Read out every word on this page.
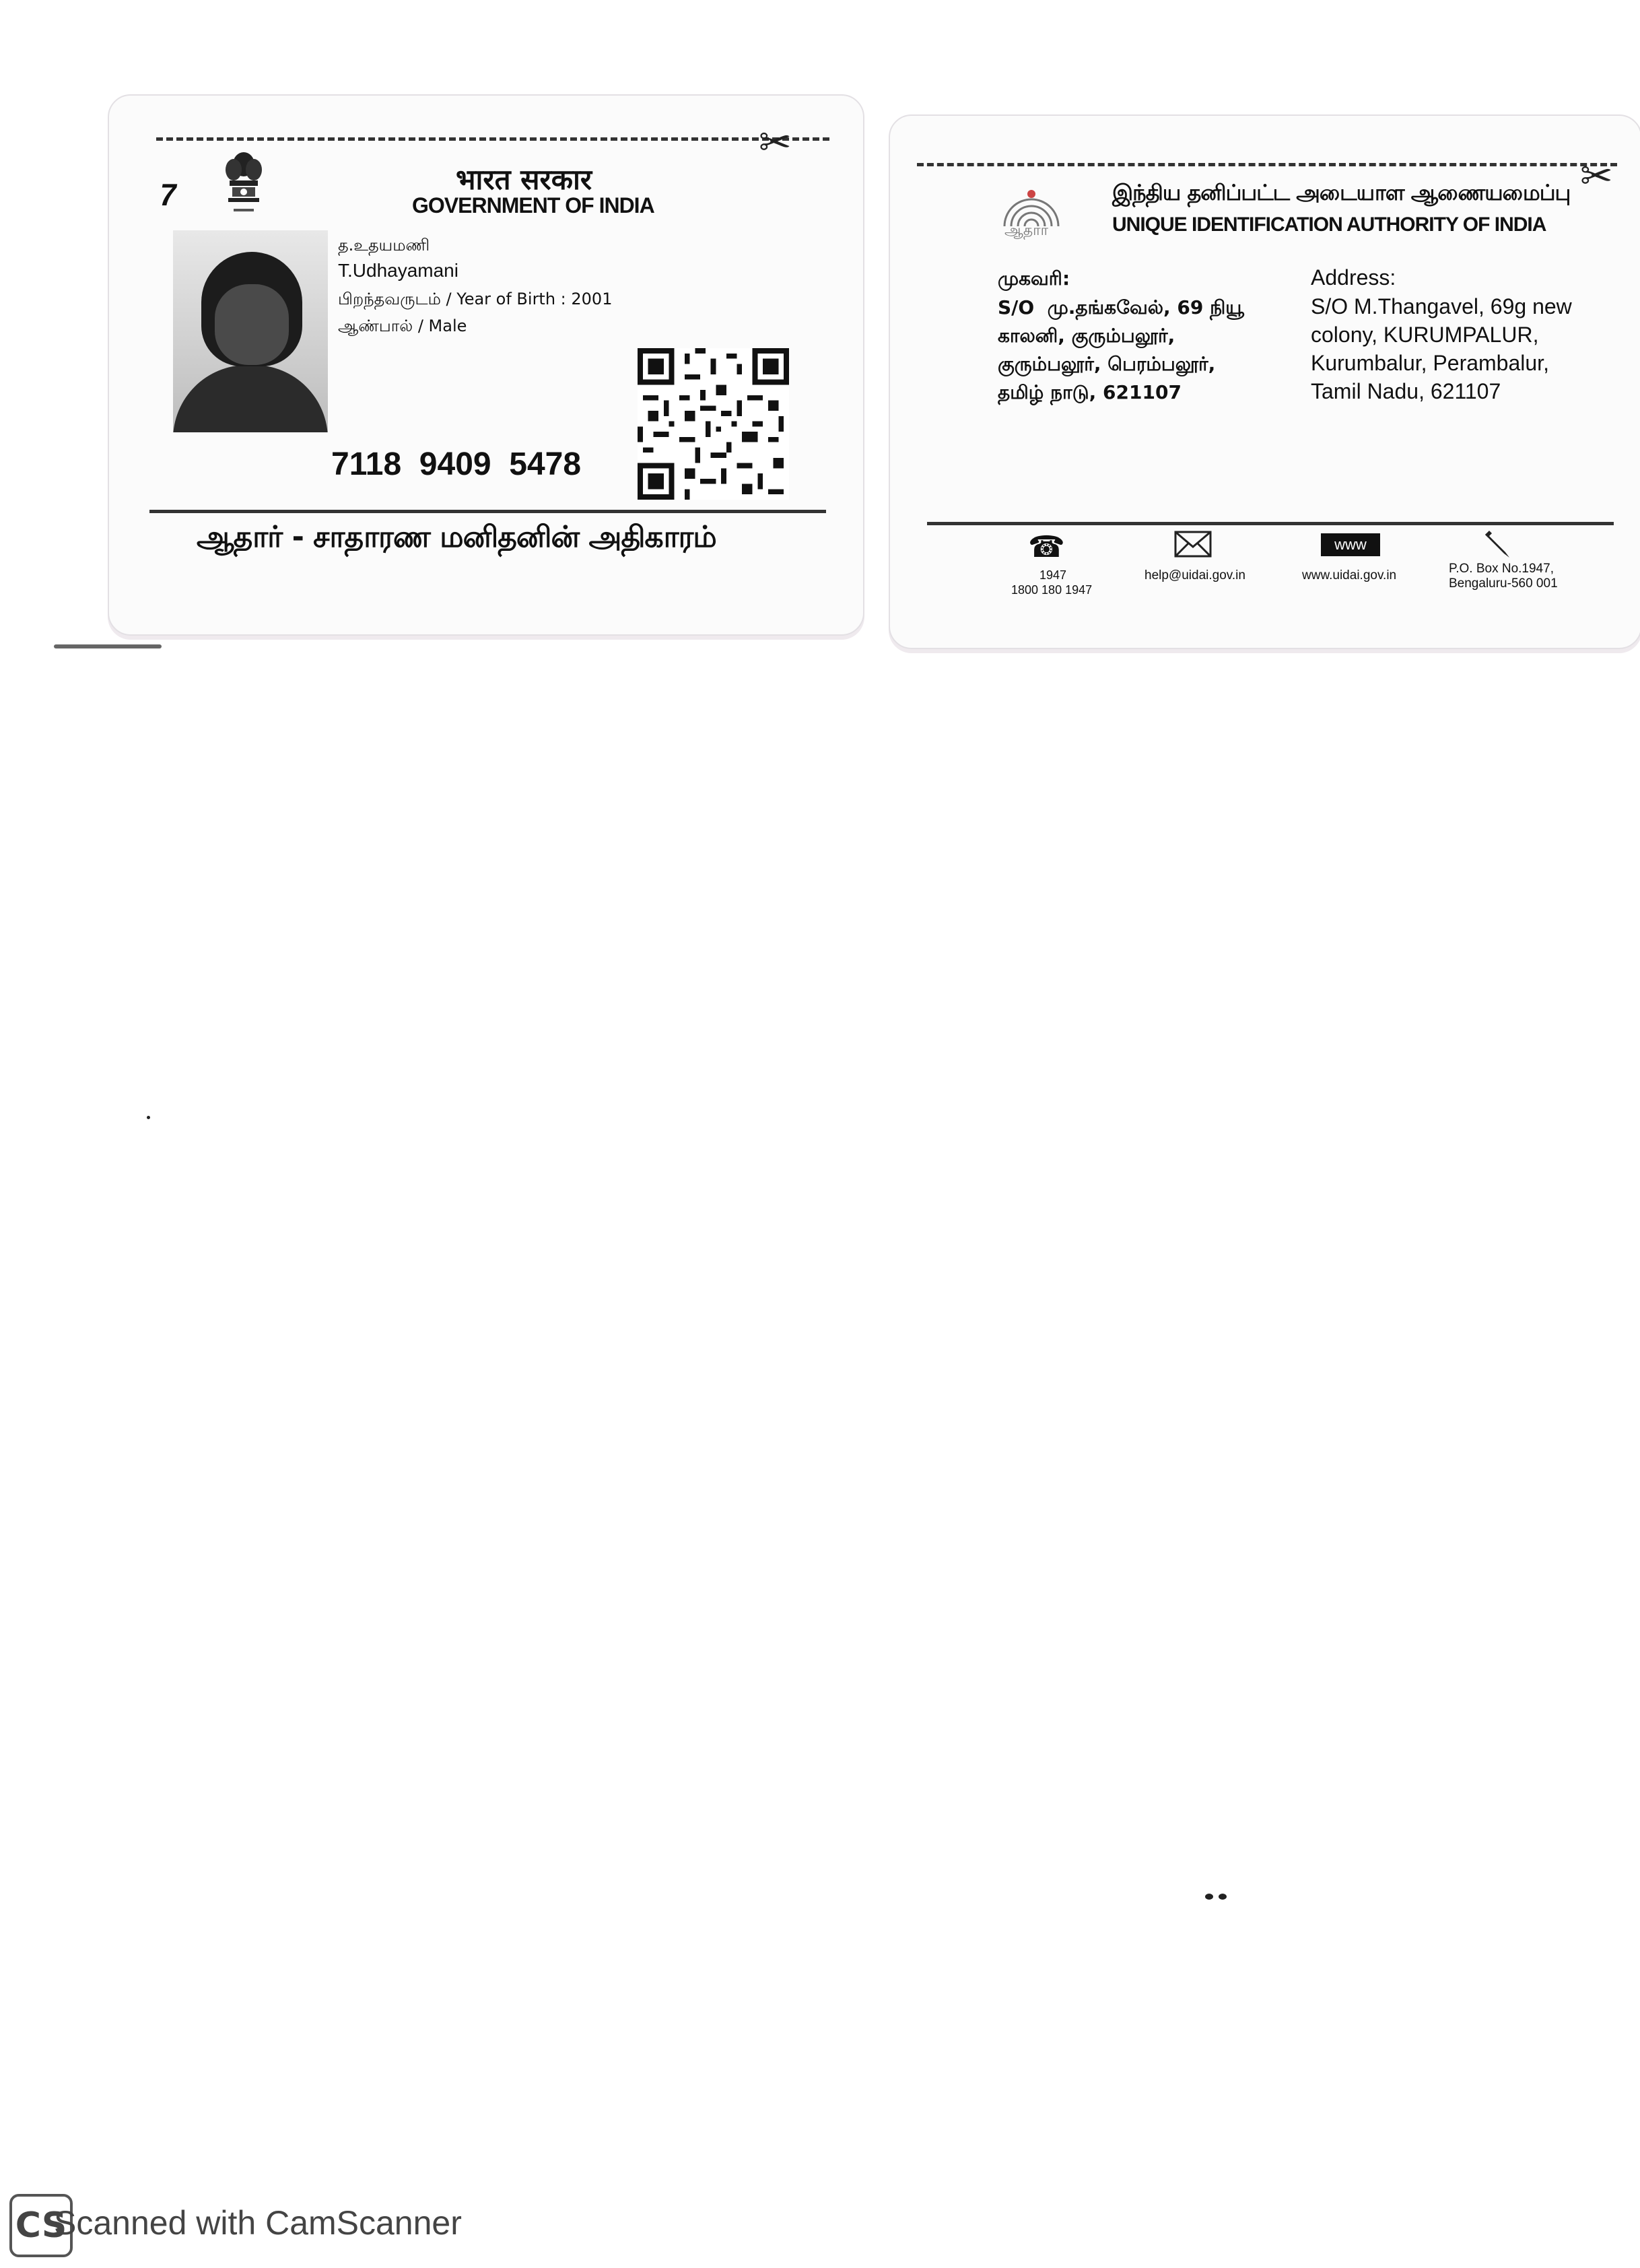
✂
7	भारत सरकार
GOVERNMENT OF INDIA
த.உதயமணி
T.Udhayamani
பிறந்தவருடம் / Year of Birth : 2001
ஆண்பால் / Male
7118  9409  5478
ஆதார் - சாதாரண மனிதனின் அதிகாரம்
✂
ஆதார்
இந்திய தனிப்பட்ட அடையாள ஆணையமைப்பு
UNIQUE IDENTIFICATION AUTHORITY OF INDIA
முகவரி:
S/O  மு.தங்கவேல், 69 நியூ
காலனி, குரும்பலூர்,
குரும்பலூர், பெரம்பலூர்,
தமிழ் நாடு, 621107
Address:
S/O M.Thangavel, 69g new
colony, KURUMPALUR,
Kurumbalur, Perambalur,
Tamil Nadu, 621107
☎
1947
1800 180 1947
help@uidai.gov.in
www
www.uidai.gov.in	P.O. Box No.1947,
Bengaluru-560 001
CS
Scanned with CamScanner
